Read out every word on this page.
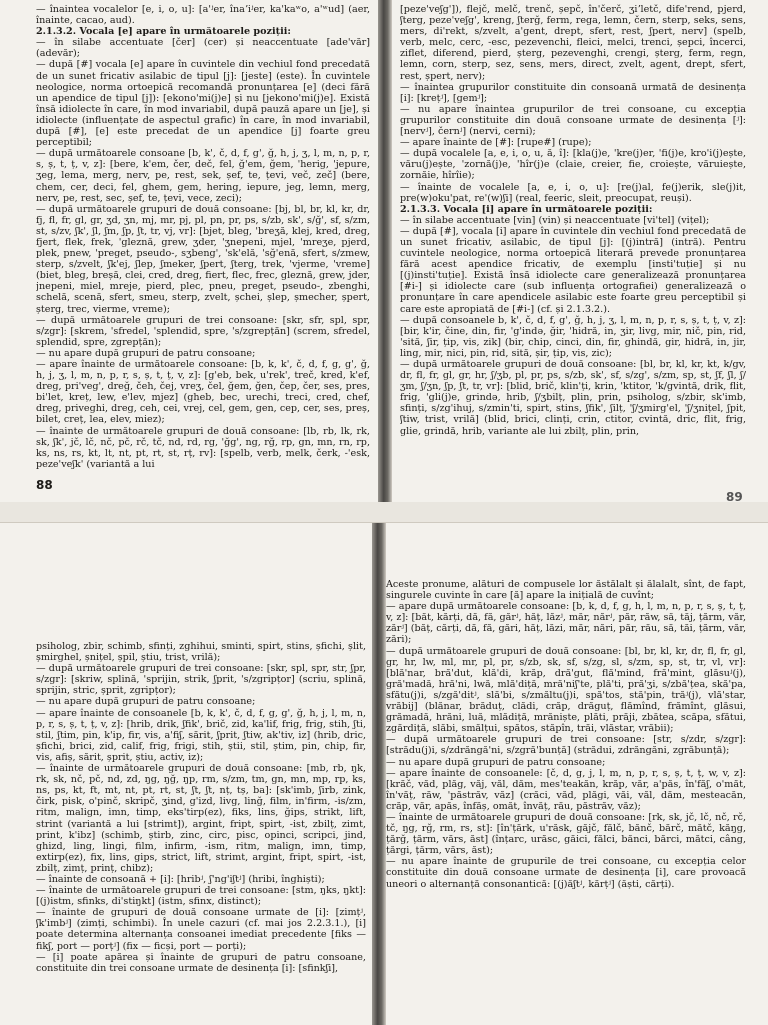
— înaintea vocalelor [e, i, o, u]: [a'ʲer, înaʼiʲer, ka'kaʷo, a'ʷud] (aer, înainte, cacao, aud).

2.1.3.2. Vocala [e] apare în următoarele poziții:

— în silabe accentuate [čer] (cer) și neaccentuate [ade'văr] (adevăr);

— după [#] vocala [e] apare în cuvintele din vechiul fond precedată de un sunet fricativ asilabic de tipul [j]: [jeste] (este). În cuvintele neologice, norma ortoepică recomandă pronunțarea [e] (deci fără un apendice de tipul [j]): [ekono'mi(j)e] și nu [jekono'mi(j)e]. Există însă idiolecte în care, în mod invariabil, după pauză apare un [je], și idiolecte (influențate de aspectul grafic) în care, în mod invariabil, după [#], [e] este precedat de un apendice [j] foarte greu perceptibil;

— după următoarele consoane [b, k', č, d, f, g', ğ, h, j, ʒ, l, m, n, p, r, s, ș, t, ț, v, z]: [bere, k'em, čer, deč, fel, ğ'em, ğem, 'herig, 'jepure, ʒeg, lema, merg, nerv, pe, rest, sek, șef, te, țevi, več, zeč] (bere, chem, cer, deci, fel, ghem, gem, hering, iepure, jeg, lemn, merg, nerv, pe, rest, sec, șef, te, țevi, vece, zeci);

— după următoarele grupuri de două consoane: [bj, bl, br, kl, kr, dr, fj, fl, fr, gl, gr, ʒd, ʒn, mj, mr, pj, pl, pn, pr, ps, s/zb, sk', s/ğ', sf, s/zm, st, s/zv, ʃk', ʃl, ʃm, ʃp, ʃt, tr, vj, vr]: [bjet, bleg, 'breʒă, klej, kred, dreg, fjert, flek, frek, 'gleznă, grew, ʒder, 'ʒnepeni, mjel, 'mreʒe, pjerd, plek, pnew, 'preget, pseudo-, sʒbeng', 'sk'elă, 'sğ'enă, sfert, s/zmew, sterp, s/zvelt, ʃk'ej, ʃlep, ʃmeker, ʃpert, ʃterg, trek, 'vjerme, 'vreme] (biet, bleg, breșă, clei, cred, dreg, fiert, flec, frec, gleznă, grew, jder, jnepeni, miel, mreje, pierd, plec, pneu, preget, pseudo-, zbenghi, schelă, scenă, sfert, smeu, sterp, zvelt, șchei, șlep, șmecher, șpert, șterg, trec, vierme, vreme);

— după următoarele grupuri de trei consoane: [skr, sfr, spl, spr, s/zgr]: [skrem, 'sfredel, 'splendid, spre, 's/zgrepțăn] (screm, sfredel, splendid, spre, zgrepțăn);

— nu apare după grupuri de patru consoane;

— apare înainte de următoarele consoane: [b, k, k', č, d, f, g, g', ğ, h, j, ʒ, l, m, n, p, r, s, ș, t, ț, v, z]: [g'eb, bek, u'rek', treč, kred, k'ef, dreg, pri'veg', dreğ, čeh, čej, vreʒ, čel, ğem, ğen, čep, čer, ses, pres, bi'let, kreț, lew, e'lev, mjez] (gheb, bec, urechi, treci, cred, chef, dreg, priveghi, dreg, ceh, cei, vrej, cel, gem, gen, cep, cer, ses, preș, bilet, creț, lea, elev, miez);

— înainte de următoarele grupuri de două consoane: [lb, rb, lk, rk, sk, ʃk', jč, lč, nč, pč, rč, tč, nd, rd, rg, 'ğg', ng, rğ, rp, gn, mn, rn, rp, ks, ns, rs, kt, lt, nt, pt, rt, st, rț, rv]: [spelb, verb, melk, čerk, -'esk, peze'veʃk' (variantă a lui

[peze'veʃg']), flejč, melč, trenč, șepč, în'čerč, ʒiʼletč, dife'rend, pjerd, ʃterg, peze'veʃg', kreng, ʃterğ, ferm, rega, lemn, čern, sterp, seks, sens, mers, di'rekt, s/zvelt, a'gent, drept, sfert, rest, ʃpert, nerv] (spelb, verb, melc, cerc, -esc, pezevenchi, fleici, melci, trenci, șepci, încerci, ziflet, diferend, pierd, șterg, pezevenghi, crengi, șterg, ferm, regn, lemn, corn, sterp, sez, sens, mers, direct, zvelt, agent, drept, sfert, rest, șpert, nerv);

— înaintea grupurilor constituite din consoană urmată de desinența [i]: [krețʲ], [gemʲ];

— nu apare înaintea grupurilor de trei consoane, cu excepția grupurilor constituite din două consoane urmate de desinența [ʲ]: [nervʲ], černʲ] (nervi, cerni);

— apare înainte de [#]: [rupe#] (rupe);

— după vocalele [a, e, i, o, u, ă, î]: [kla(j)e, 'kre(j)er, 'fi(j)e, kro'i(j)ește, văru(j)ește, 'zornă(j)e, 'hîr(j)e (claie, creier, fie, croiește, văruiește, zornăie, hîrîie);

— înainte de vocalele [a, e, i, o, u]: [re(j)al, fe(j)erik, sle(j)it, pre(w)oku'pat, re'(w)ʃi] (real, feeric, sleit, preocupat, reuși).

2.1.3.3. Vocala [i] apare în următoarele poziții:

— în silabe accentuate [vin] (vin) și neaccentuate [vi'tel] (vițel);

— după [#], vocala [i] apare în cuvintele din vechiul fond precedată de un sunet fricativ, asilabic, de tipul [j]: [(j)intră] (intră). Pentru cuvintele neologice, norma ortoepică literară prevede pronunțarea fără acest apendice fricativ, de exemplu [insti'tuție] și nu [(j)insti'tuție]. Există însă idiolecte care generalizează pronunțarea [#i-] și idiolecte care (sub influența ortografiei) generalizează o pronunțare în care apendicele asilabic este foarte greu perceptibil și care este apropiată de [#i-] (cf. și 2.1.3.2.).

— după consoanele b, k', č, d, f, g', ğ, h, j, ʒ, l, m, n, p, r, s, ș, t, ț, v, z]: [bir, k'ir, čine, din, fir, 'g'ində, ğir, 'hidră, in, ʒir, livg, mir, nič, pin, rid, 'sită, ʃir, țip, vis, zik] (bir, chip, cinci, din, fir, ghindă, gir, hidră, in, jir, ling, mir, nici, pin, rid, sită, șir, țip, vis, zic);

— după următoarele grupuri de două consoane: [bl, br, kl, kr, kt, k/gv, dr, fl, fr, gl, gr, hr, ʃ/ʒb, pl, pr, ps, s/zb, sk', sf, s/zg', s/zm, sp, st, ʃf, ʃl, ʃ/ʒm, ʃ/ʒn, ʃp, ʃt, tr, vr]: [blid, brič, klin'ți, krin, 'ktitor, 'k/gvintă, drik, flit, frig, 'gli(j)e, grində, hrib, ʃ/ʒbilț, plin, prin, psiholog, s/zbir, sk'imb, sfinți, s/zg'ihuj, s/zmin'ti, spirt, stins, ʃfik', ʃilț, 'ʃ/ʒmirg'el, 'ʃ/ʒnițel, ʃpit, ʃtiw, trist, vrilă] (blid, brici, clinți, crin, ctitor, cvintă, dric, flit, frig, glie, grindă, hrib, variante ale lui zbilț, plin, prin,

88
89

psiholog, zbir, schimb, sfinți, zghihui, sminti, spirt, stins, șfichi, șlit, șmirghel, șnițel, șpil, știu, trist, vrilă);

— după următoarele grupuri de trei consoane: [skr, spl, spr, str, ʃpr, s/zgr]: [skriw, splină, 'sprijin, strik, ʃprit, 's/zgripțor] (scriu, splină, sprijin, stric, șprit, zgripțor);

— nu apare după grupuri de patru consoane;

— apare înainte de consoanele [b, k, k', č, d, f, g, g', ğ, h, j, l, m, n, p, r, s, ș, t, ț, v, z]: [hrib, drik, ʃfik', brič, zid, ka'lif, frig, frig, stih, ʃti, stil, ʃtim, pin, k'ip, fir, vis, a'fiʃ, sărit, ʃprit, ʃtiw, ak'tiv, iz] (hrib, dric, șfichi, brici, zid, calif, frig, frigi, stih, știi, stil, știm, pin, chip, fir, vis, afiș, sărit, șprit, știu, activ, iz);

— înainte de următoarele grupuri de două consoane: [mb, rb, ŋk, rk, sk, nč, pč, nd, zd, ŋg, ŋğ, ŋp, rm, s/zm, tm, gn, mn, mp, rp, ks, ns, ps, kt, ft, mt, nt, pt, rt, st, ʃt, ʃt, nț, tș, ba]: [sk'imb, ʃirb, zink, čirk, pisk, o'pinč, skripč, ʒind, g'izd, livg, linğ, film, in'firm, -is/zm, ritm, malign, imn, timp, eks'tirp(ez), fiks, lins, ğips, strikt, lift, strint (variantă a lui [strimt]), argint, fript, spirt, -ist, zbilț, zimt, print, k'ibz] (schimb, știrb, zinc, circ, pisc, opinci, scripci, jind, ghizd, ling, lingi, film, infirm, -ism, ritm, malign, imn, timp, extirp(ez), fix, lins, gips, strict, lift, strimt, argint, fript, spirt, -ist, zbilț, zimț, prinț, chibz);

— înainte de consoană + [i]: [hribʲ, ʃ'ng'iʃtʲ] (hribi, înghiști);

— înainte de următoarele grupuri de trei consoane: [stm, ŋks, ŋkt]: [(j)istm, sfinks, di'stiŋkt] (istm, sfinx, distinct);

— înainte de grupuri de două consoane urmate de [i]: [zimțʲ, ʃk'imbʲ] (zimți, schimbi). În unele cazuri (cf. mai jos 2.2.3.1.), [i] poate determina alternanța consoanei imediat precedente [fiks — fikʃ, port — porțʲ] (fix — ficși, port — porți);

— [i] poate apărea și înainte de grupuri de patru consoane, constituite din trei consoane urmate de desinența [i]: [sfinkʃi],

Aceste pronume, alături de compusele lor ăstălalt și ălalalt, sînt, de fapt, singurele cuvinte în care [ă] apare la inițială de cuvînt;

— apare după următoarele consoane: [b, k, d, f, g, h, l, m, n, p, r, s, ș, t, ț, v, z]: [băt, kărți, dă, fă, gărʲ, hăț, lăzʲ, măr, nărʲ, păr, răw, să, tăj, țărm, văr, zărʲ] (băț, cărți, dă, fă, gări, hăț, lăzi, măr, nări, păr, rău, să, tăi, țărm, văr, zări);

— după următoarele grupuri de două consoane: [bl, br, kl, kr, dr, fl, fr, gl, gr, hr, lw, ml, mr, pl, pr, s/zb, sk, sf, s/zg, sl, s/zm, sp, st, tr, vl, vr]: [blă'nar, bră'dut, klă'di, krăp, dră'gut, flă'mind, fră'mint, glăsuʲ(j), gră'madă, hră'ni, lwă, mlă'diță, mră'niʃ'te, plă'ti, pră'ʒi, s/zbă'țea, skă'pa, sfătu(j)i, s/zgă'ditʲ, slă'bi, s/zmăltu(j)i, spă'tos, stă'pin, trăʲ(j), vlă'star, vrăbij] (blănar, brăduț, clădi, crăp, drăguț, flămînd, frămînt, glăsui, grămadă, hrăni, luă, mlădiță, mrăniște, plăti, prăji, zbătea, scăpa, sfătui, zgărdiță, slăbi, smălțui, spătos, stăpîn, trăi, vlăstar, vrăbii);

— după următoarele grupuri de trei consoane: [str, s/zdr, s/zgr]: [strădu(j)i, s/zdrăngă'ni, s/zgră'bunță] (strădui, zdrăngăni, zgrăbunță);

— nu apare după grupuri de patru consoane;

— apare înainte de consoanele: [č, d, g, j, l, m, n, p, r, s, ș, t, ț, w, v, z]: [krăč, văd, plăg, văj, văl, dăm, mes'teakăn, krăp, văr, a'păs, în'făʃ, o'măt, în'văț, răw, 'păstrăv, văz] (crăci, văd, plăgi, văi, văl, dăm, mesteacăn, crăp, văr, apăs, înfăș, omăt, învăț, rău, păstrăv, văz);

— înainte de următoarele grupuri de două consoane: [rk, sk, jč, lč, nč, rč, tč, ŋg, rğ, rm, rs, st]: [în'țărk, u'răsk, găjč, fălč, bănč, bărč, mătč, kăŋg, țărğ, țărm, vărs, ăst] (înțarc, urăsc, găici, fălci, bănci, bărci, mătci, câng, țărgi, țărm, vărs, ăst);

— nu apare înainte de grupurile de trei consoane, cu excepția celor constituite din două consoane urmate de desinența [i], care provoacă uneori o alternanță consonantică: [(j)ăʃtʲ, kărțʲ] (ăști, cărți).
